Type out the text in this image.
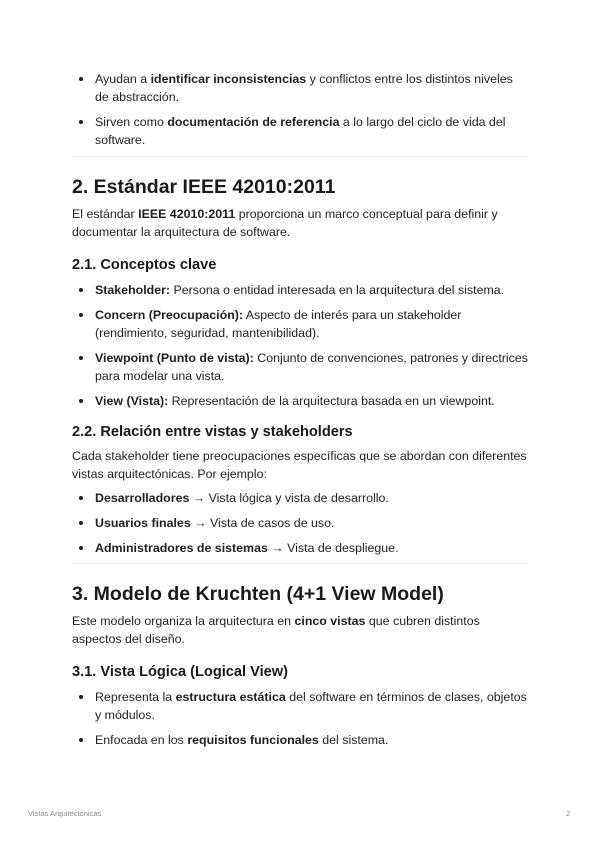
Ayudan a identificar inconsistencias y conflictos entre los distintos niveles de abstracción.
Sirven como documentación de referencia a lo largo del ciclo de vida del software.
2. Estándar IEEE 42010:2011

El estándar IEEE 42010:2011 proporciona un marco conceptual para definir y documentar la arquitectura de software.

2.1. Conceptos clave
Stakeholder: Persona o entidad interesada en la arquitectura del sistema.
Concern (Preocupación): Aspecto de interés para un stakeholder (rendimiento, seguridad, mantenibilidad).
Viewpoint (Punto de vista): Conjunto de convenciones, patrones y directrices para modelar una vista.
View (Vista): Representación de la arquitectura basada en un viewpoint.
2.2. Relación entre vistas y stakeholders

Cada stakeholder tiene preocupaciones específicas que se abordan con diferentes vistas arquitectónicas. Por ejemplo:

Desarrolladores → Vista lógica y vista de desarrollo.
Usuarios finales → Vista de casos de uso.
Administradores de sistemas → Vista de despliegue.
3. Modelo de Kruchten (4+1 View Model)

Este modelo organiza la arquitectura en cinco vistas que cubren distintos aspectos del diseño.

3.1. Vista Lógica (Logical View)
Representa la estructura estática del software en términos de clases, objetos y módulos.
Enfocada en los requisitos funcionales del sistema.
Vistas Arquitectónicas	2
